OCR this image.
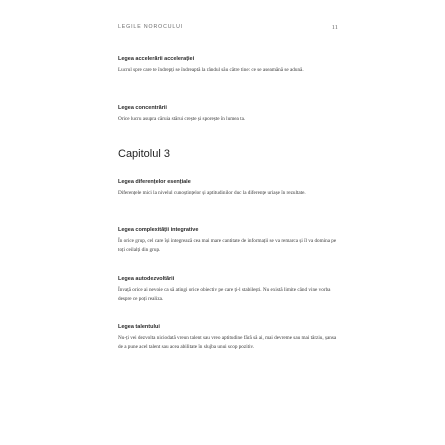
LEGILE NOROCULUI	11
Legea accelerării accelerației

Lucrul spre care te îndrepți se îndreaptă la rândul său către tine: ce se aseamănă se adună.

Legea concentrării

Orice lucru asupra căruia stărui crește și sporește în lumea ta.

Capitolul 3
Legea diferențelor esențiale

Diferențele mici la nivelul cunoștințelor și aptitudinilor duc la diferențe uriașe în rezultate.

Legea complexității integrative

În orice grup, cel care își integrează cea mai mare cantitate de informații se va remarca și îl va domina pe toți ceilalți din grup.

Legea autodezvoltării

Învață orice ai nevoie ca să atingi orice obiectiv pe care ți-l stabilești. Nu există limite când vine vorba despre ce poți realiza.

Legea talentului

Nu-ți vei dezvolta niciodată vreun talent sau vreo aptitudine fără să ai, mai devreme sau mai târziu, șansa de a pune acel talent sau acea abilitate în slujba unui scop pozitiv.
